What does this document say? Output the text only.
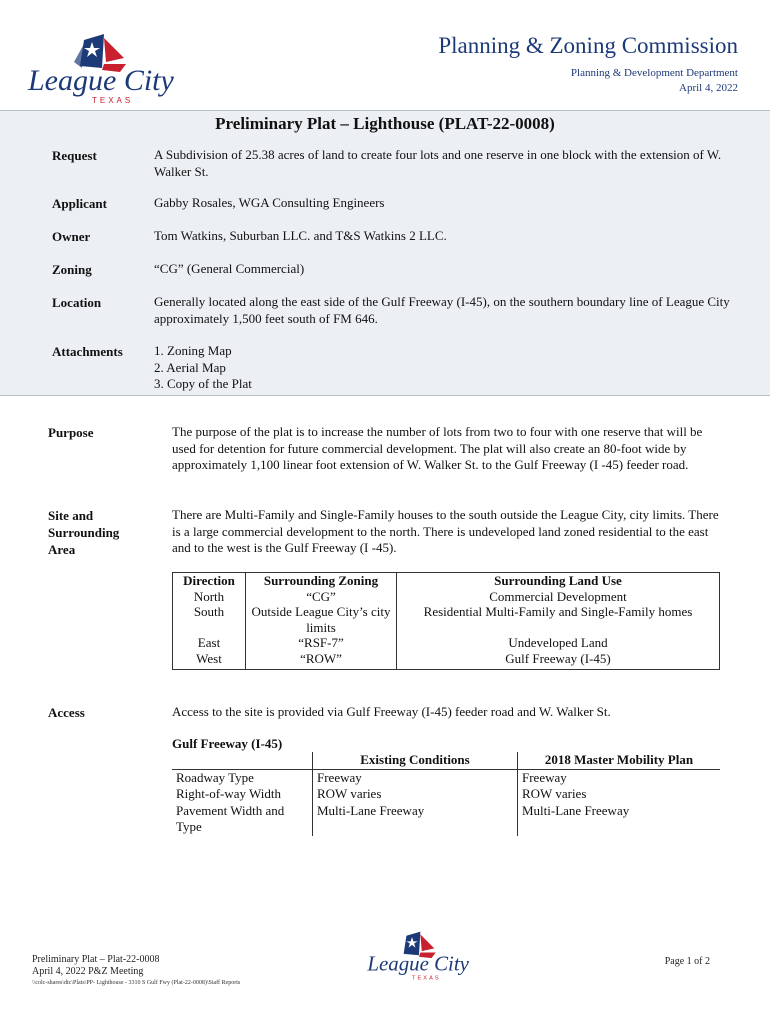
League City
TEXAS
Planning & Zoning Commission
Planning & Development Department
April 4, 2022
Preliminary Plat – Lighthouse (PLAT-22-0008)
Request	A Subdivision of 25.38 acres of land to create four lots and one reserve in one block with the extension of W. Walker St.
Applicant	Gabby Rosales, WGA Consulting Engineers
Owner	Tom Watkins, Suburban LLC. and T&S Watkins 2 LLC.
Zoning	“CG” (General Commercial)
Location	Generally located along the east side of the Gulf Freeway (I-45), on the southern boundary line of League City approximately 1,500 feet south of FM 646.
Attachments 1. Zoning Map
2. Aerial Map
3. Copy of the Plat
Purpose	The purpose of the plat is to increase the number of lots from two to four with one reserve that will be used for detention for future commercial development. The plat will also create an 80-foot wide by approximately 1,100 linear foot extension of W. Walker St. to the Gulf Freeway (I -45) feeder road.
Site and
Surrounding
Area
There are Multi-Family and Single-Family houses to the south outside the League City, city limits. There is a large commercial development to the north. There is undeveloped land zoned residential to the east and to the west is the Gulf Freeway (I -45).
Direction	Surrounding Zoning	Surrounding Land Use
North	“CG”	Commercial Development
South	Outside League City’s city limits	Residential Multi-Family and Single-Family homes
East	“RSF-7”	Undeveloped Land
West	“ROW”	Gulf Freeway (I-45)
Access	Access to the site is provided via Gulf Freeway (I-45) feeder road and W. Walker St.
Gulf Freeway (I-45)
	Existing Conditions	2018 Master Mobility Plan
Roadway Type	Freeway	Freeway
Right-of-way Width	ROW varies	ROW varies
Pavement Width and Type	Multi-Lane Freeway	Multi-Lane Freeway
Preliminary Plat – Plat-22-0008
April 4, 2022 P&Z Meeting
\\colc-shares\dtc\Plats\PP- Lighthouse - 3310 S Gulf Fwy (Plat-22-0008)\Staff Reports
League City
TEXAS
Page 1 of 2
